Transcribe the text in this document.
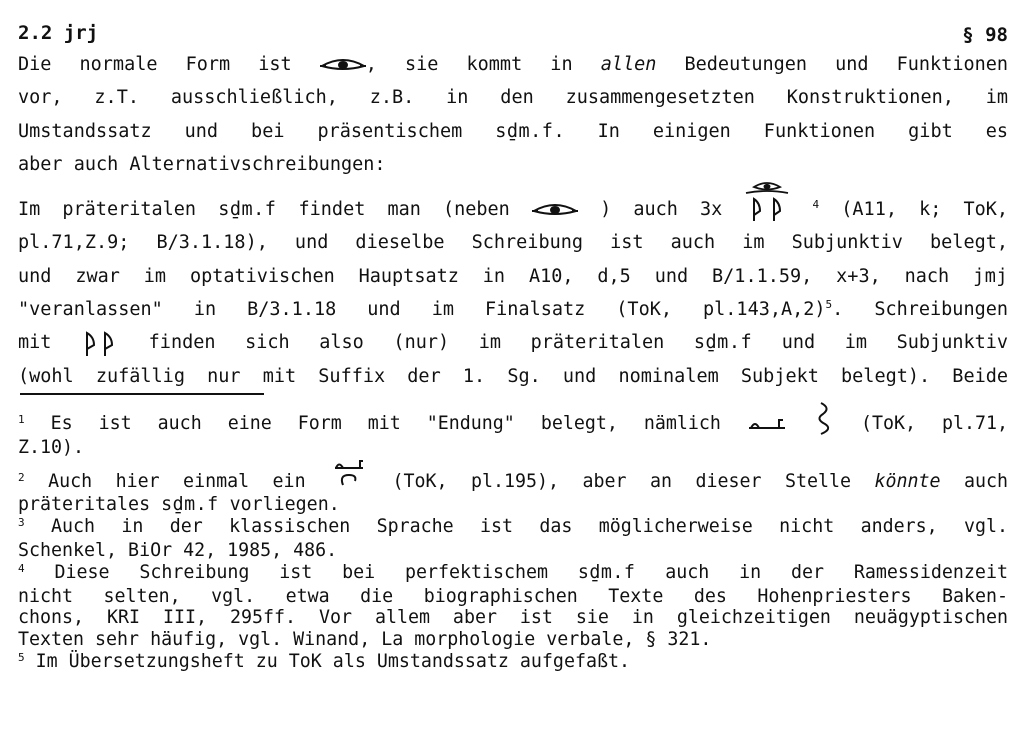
2.2 jrj	§ 98
Die normale Form ist	, sie kommt in allen Bedeutungen und Funktionen
vor, z.T. ausschließlich, z.B. in den zusammengesetzten Konstruktionen, im
Umstandssatz und bei präsentischem sḏm.f. In einigen Funktionen gibt es
aber auch Alternativschreibungen:
Im präteritalen sḏm.f findet man (neben	) auch 3x	$^4$ (A11, k; ToK,
pl.71,Z.9; B/3.1.18), und dieselbe Schreibung ist auch im Subjunktiv belegt,
und zwar im optativischen Hauptsatz in A10, d,5 und B/1.1.59, x+3, nach jmj
"veranlassen" in B/3.1.18 und im Finalsatz (ToK, pl.143,A,2)$^5$. Schreibungen
mit	finden sich also (nur) im präteritalen sḏm.f und im Subjunktiv
(wohl zufällig nur mit Suffix der 1. Sg. und nominalem Subjekt belegt). Beide
$^1$ Es ist auch eine Form mit "Endung" belegt, nämlich	(ToK, pl.71,
Z.10).
$^2$ Auch hier einmal ein	(ToK, pl.195), aber an dieser Stelle könnte auch
präteritales sḏm.f vorliegen.
$^3$ Auch in der klassischen Sprache ist das möglicherweise nicht anders, vgl.
Schenkel, BiOr 42, 1985, 486.
$^4$ Diese Schreibung ist bei perfektischem sḏm.f auch in der Ramessidenzeit
nicht selten, vgl. etwa die biographischen Texte des Hohenpriesters Baken-
chons, KRI III, 295ff. Vor allem aber ist sie in gleichzeitigen neuägyptischen
Texten sehr häufig, vgl. Winand, La morphologie verbale, § 321.
$^5$ Im Übersetzungsheft zu ToK als Umstandssatz aufgefaßt.
